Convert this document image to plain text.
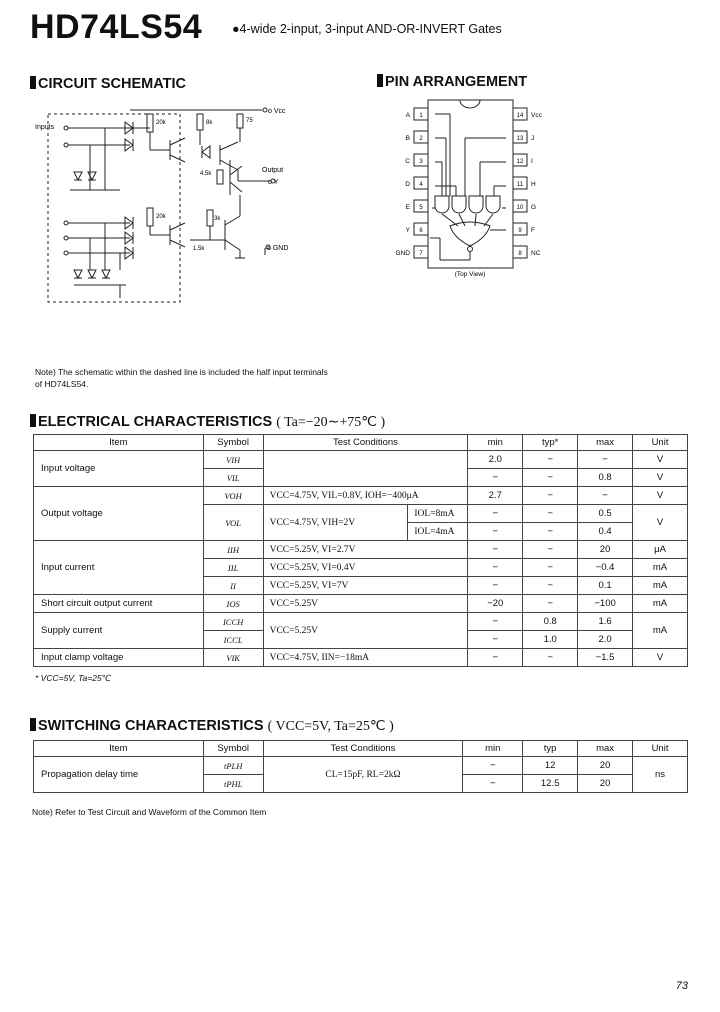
HD74LS54 ●4-wide 2-input, 3-input AND-OR-INVERT Gates
CIRCUIT SCHEMATIC
Inputs
o Vcc
Output
o Y
o GND
20k	8k	75
4.5k
20k	3k
1.5k
Note) The schematic within the dashed line is included the half input terminals of HD74LS54.
PIN ARRANGEMENT
1
A
2
B
3
C
4
D
5
E
6
Y
7
GND
14 Vcc
13 J
12 I
11 H
10 G
9 F
8 NC
(Top View)
ELECTRICAL CHARACTERISTICS ( Ta=−20∼+75℃ )
Item	Symbol	Test Conditions		min	typ*	max	Unit
Input voltage	VIH			2.0	−	−	V
	VIL			−	−	0.8	V
Output voltage	VOH	VCC=4.75V, VIL=0.8V, IOH=−400μA		2.7	−	−	V
	VOL	VCC=4.75V, VIH=2V	IOL=8mA	−	−	0.5	V
			IOL=4mA	−	−	0.4	
Input current	IIH	VCC=5.25V, VI=2.7V		−	−	20	μA
	IIL	VCC=5.25V, VI=0.4V		−	−	−0.4	mA
	II	VCC=5.25V, VI=7V		−	−	0.1	mA
Short circuit output current	IOS	VCC=5.25V		−20	−	−100	mA
Supply current	ICCH	VCC=5.25V		−	0.8	1.6	mA
	ICCL			−	1.0	2.0	
Input clamp voltage	VIK	VCC=4.75V, IIN=−18mA		−	−	−1.5	V
* VCC=5V, Ta=25℃
SWITCHING CHARACTERISTICS ( VCC=5V, Ta=25℃ )
Item	Symbol	Test Conditions	min	typ	max	Unit
Propagation delay time	tPLH	CL=15pF, RL=2kΩ	−	12	20	ns
	tPHL		−	12.5	20	
Note) Refer to Test Circuit and Waveform of the Common Item
73
